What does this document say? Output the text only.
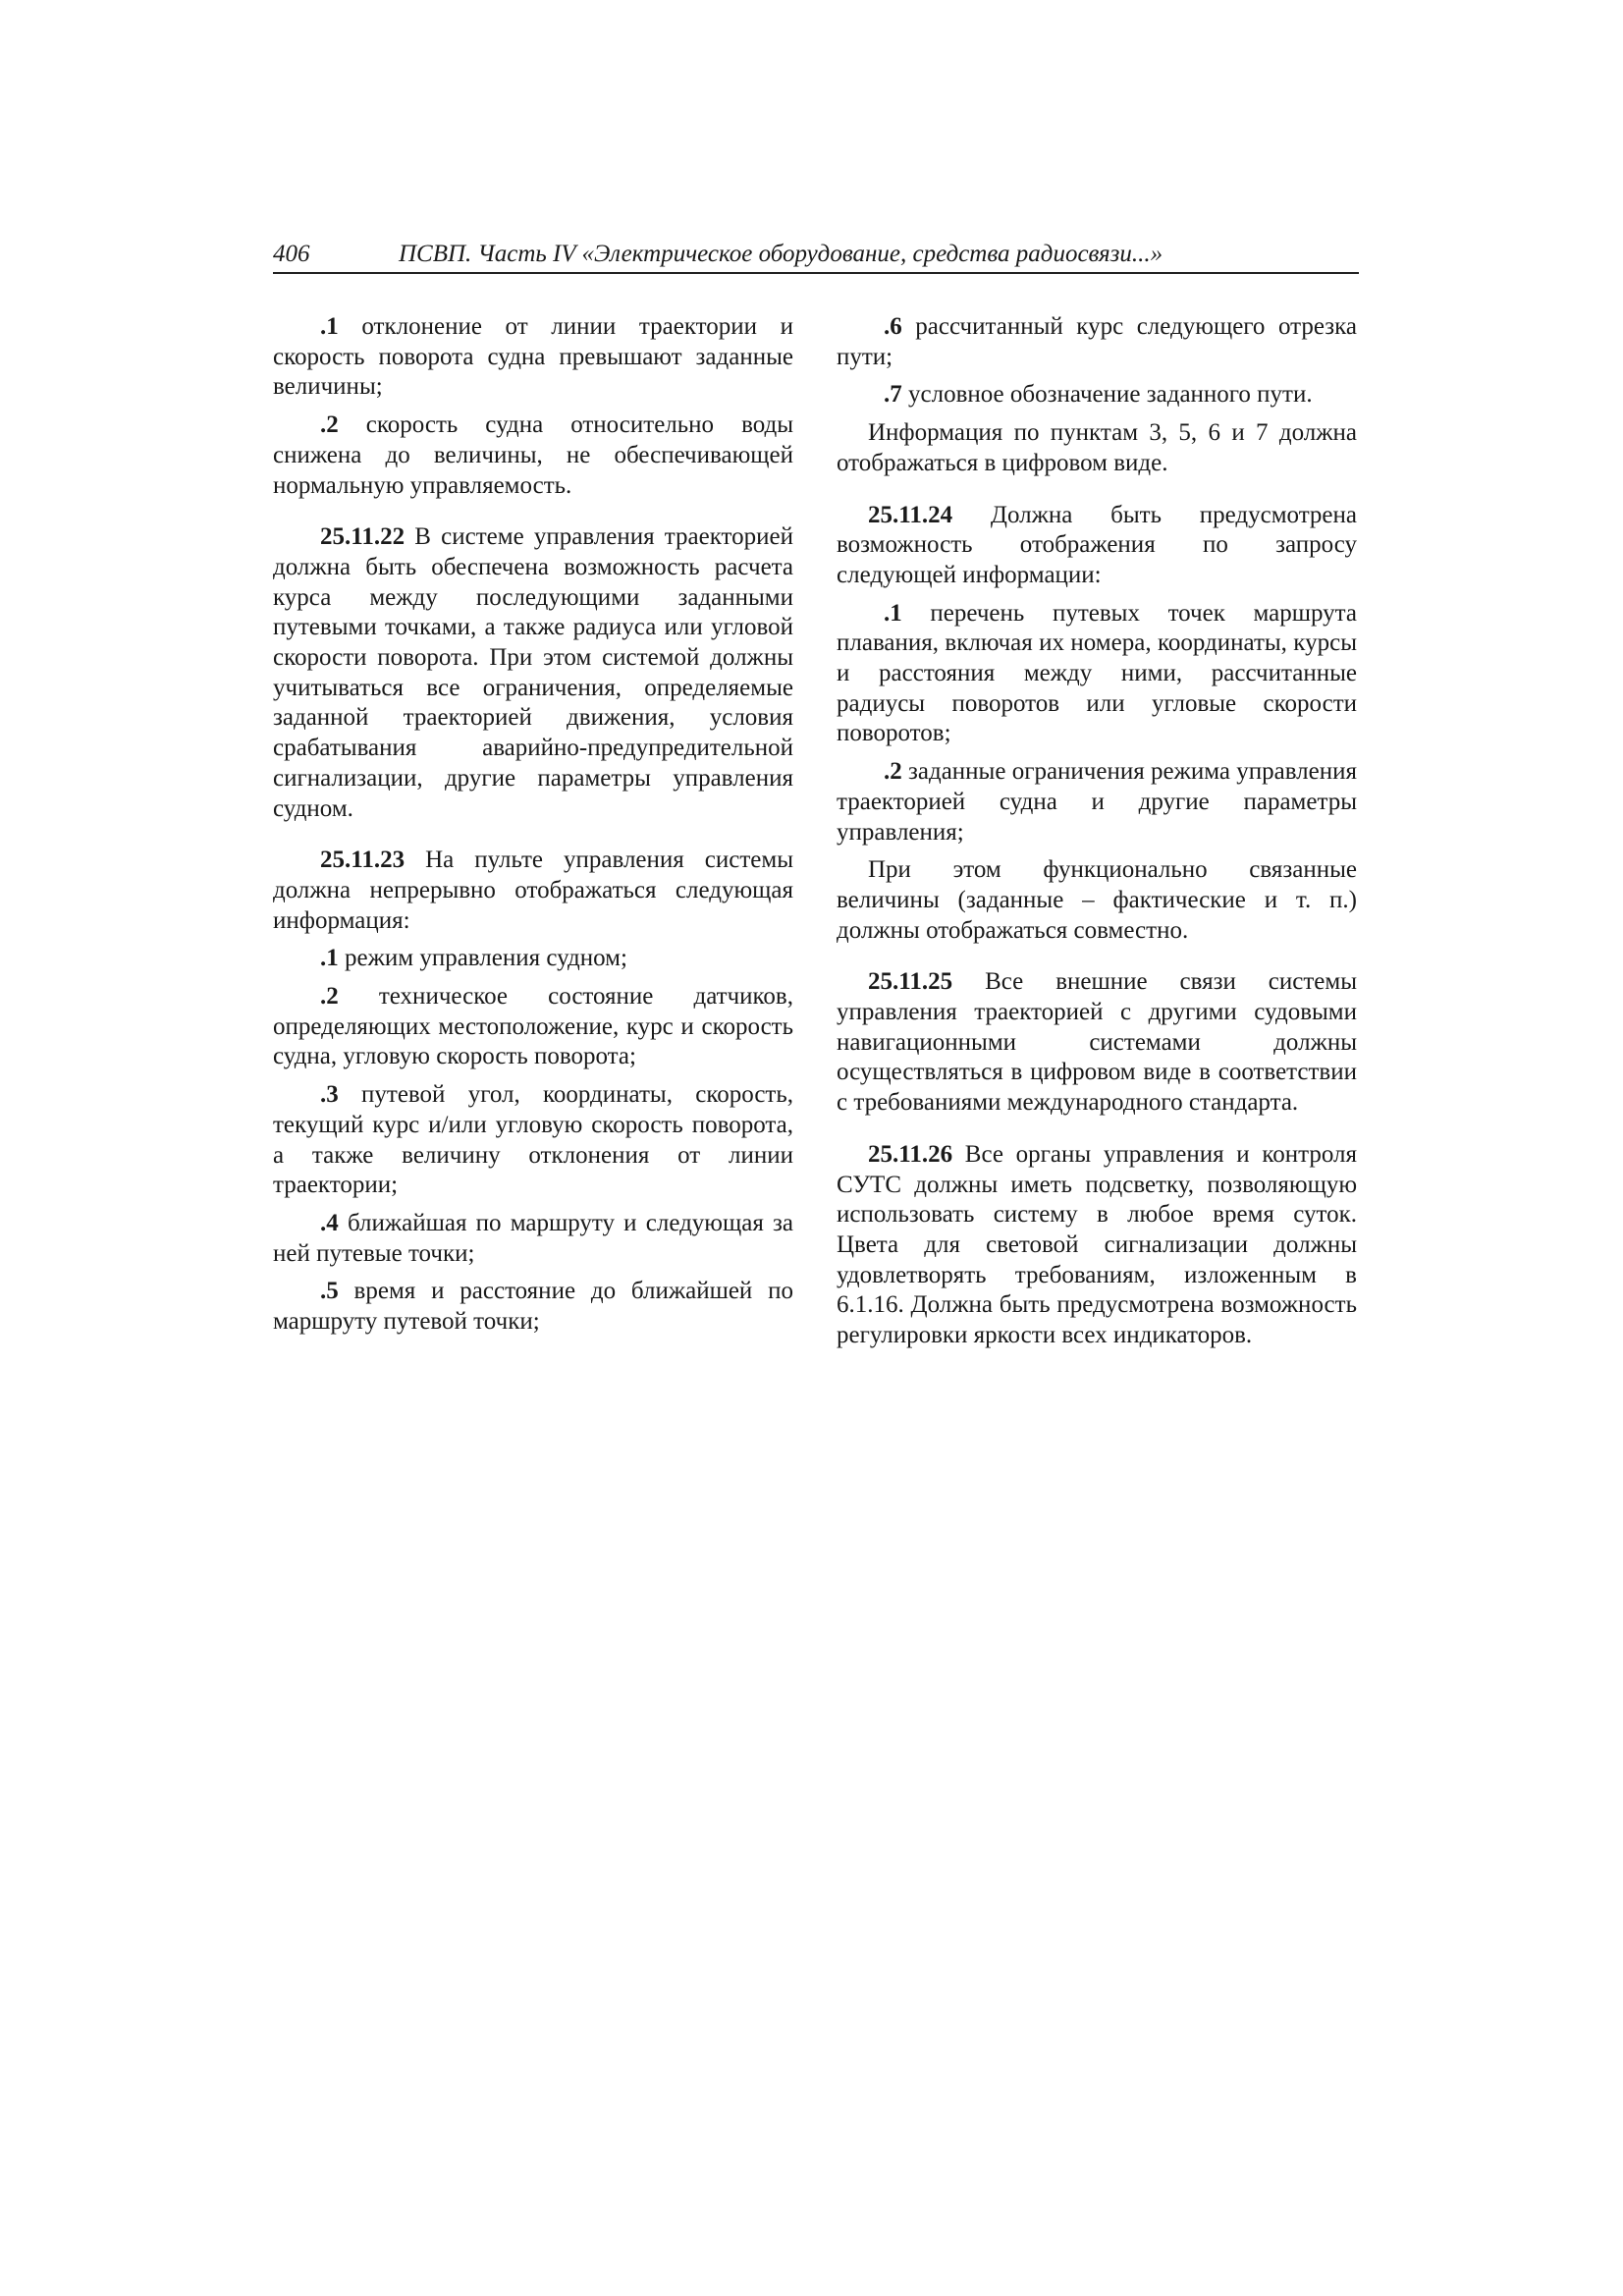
406	ПСВП. Часть IV «Электрическое оборудование, средства радиосвязи...»

.1 отклонение от линии траектории и скорость поворота судна превышают заданные величины;

.2 скорость судна относительно воды снижена до величины, не обеспечивающей нормальную управляемость.

25.11.22 В системе управления траекторией должна быть обеспечена возможность расчета курса между последующими заданными путевыми точками, а также радиуса или угловой скорости поворота. При этом системой должны учитываться все ограничения, определяемые заданной траекторией движения, условия срабатывания аварийно-предупредительной сигнализации, другие параметры управления судном.

25.11.23 На пульте управления системы должна непрерывно отображаться следующая информация:

.1 режим управления судном;

.2 техническое состояние датчиков, определяющих местоположение, курс и скорость судна, угловую скорость поворота;

.3 путевой угол, координаты, скорость, текущий курс и/или угловую скорость поворота, а также величину отклонения от линии траектории;

.4 ближайшая по маршруту и следующая за ней путевые точки;

.5 время и расстояние до ближайшей по маршруту путевой точки;

.6 рассчитанный курс следующего отрезка пути;

.7 условное обозначение заданного пути.

Информация по пунктам 3, 5, 6 и 7 должна отображаться в цифровом виде.

25.11.24 Должна быть предусмотрена возможность отображения по запросу следующей информации:

.1 перечень путевых точек маршрута плавания, включая их номера, координаты, курсы и расстояния между ними, рассчитанные радиусы поворотов или угловые скорости поворотов;

.2 заданные ограничения режима управления траекторией судна и другие параметры управления;

При этом функционально связанные величины (заданные – фактические и т. п.) должны отображаться совместно.

25.11.25 Все внешние связи системы управления траекторией с другими судовыми навигационными системами должны осуществляться в цифровом виде в соответствии с требованиями международного стандарта.

25.11.26 Все органы управления и контроля СУТС должны иметь подсветку, позволяющую использовать систему в любое время суток. Цвета для световой сигнализации должны удовлетворять требованиям, изложенным в 6.1.16. Должна быть предусмотрена возможность регулировки яркости всех индикаторов.
